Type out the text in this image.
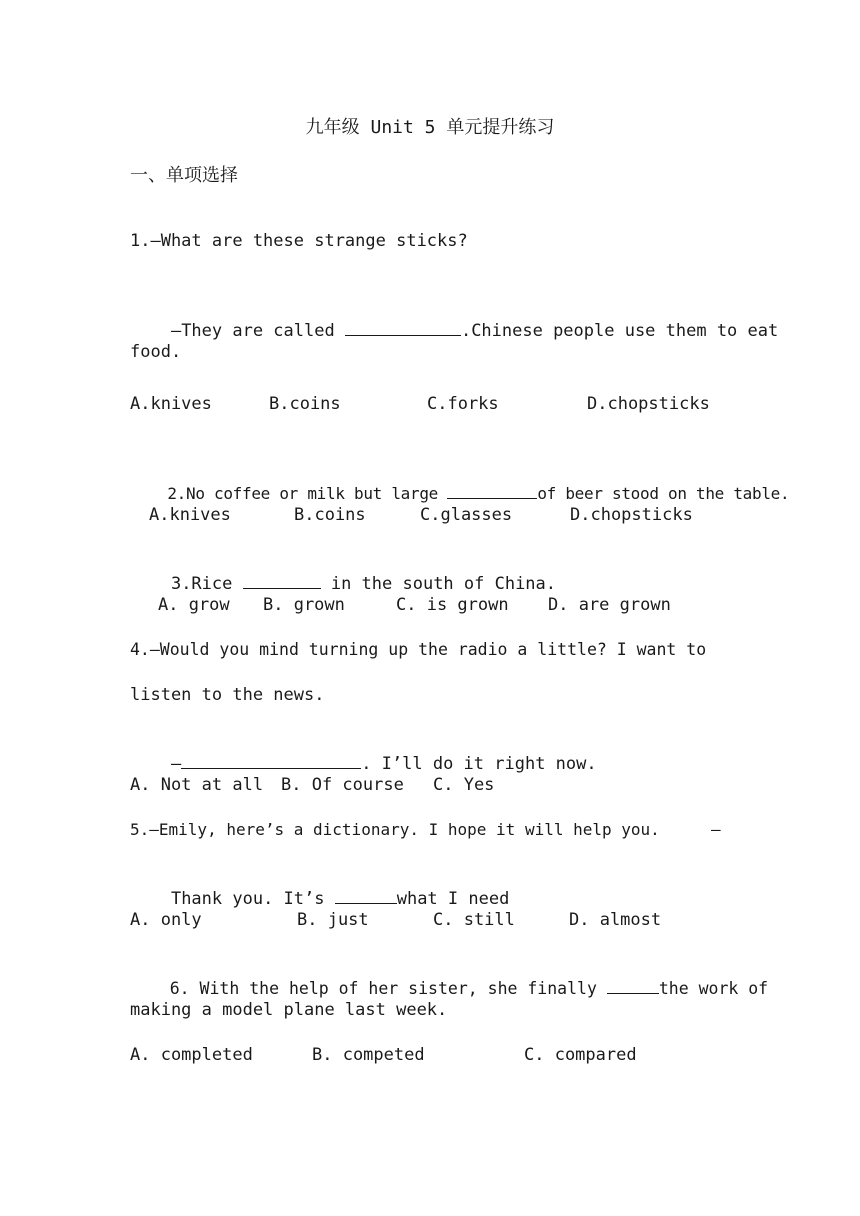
九年级 Unit 5 单元提升练习
一、单项选择
1.—What are these strange sticks?

—They are called	.Chinese people use them to eat

food.
A.knives	B.coins	C.forks	D.chopsticks

2.No coffee or milk but large	of beer stood on the table.

A.knives	B.coins	C.glasses	D.chopsticks

3.Rice	in the south of China.

A. grow B. grown	C. is grown D. are grown
4.—Would you mind turning up the radio a little? I want to
listen to the news.

—	. I’ll do it right now.

A. Not at all B. Of course C. Yes
5.—Emily, here’s a dictionary. I hope it will help you.	—

Thank you. It’s	what I need

A. only	B. just	C. still	D. almost

6. With the help of her sister, she finally	the work of

making a model plane last week.
A. completed	B. competed	C. compared
